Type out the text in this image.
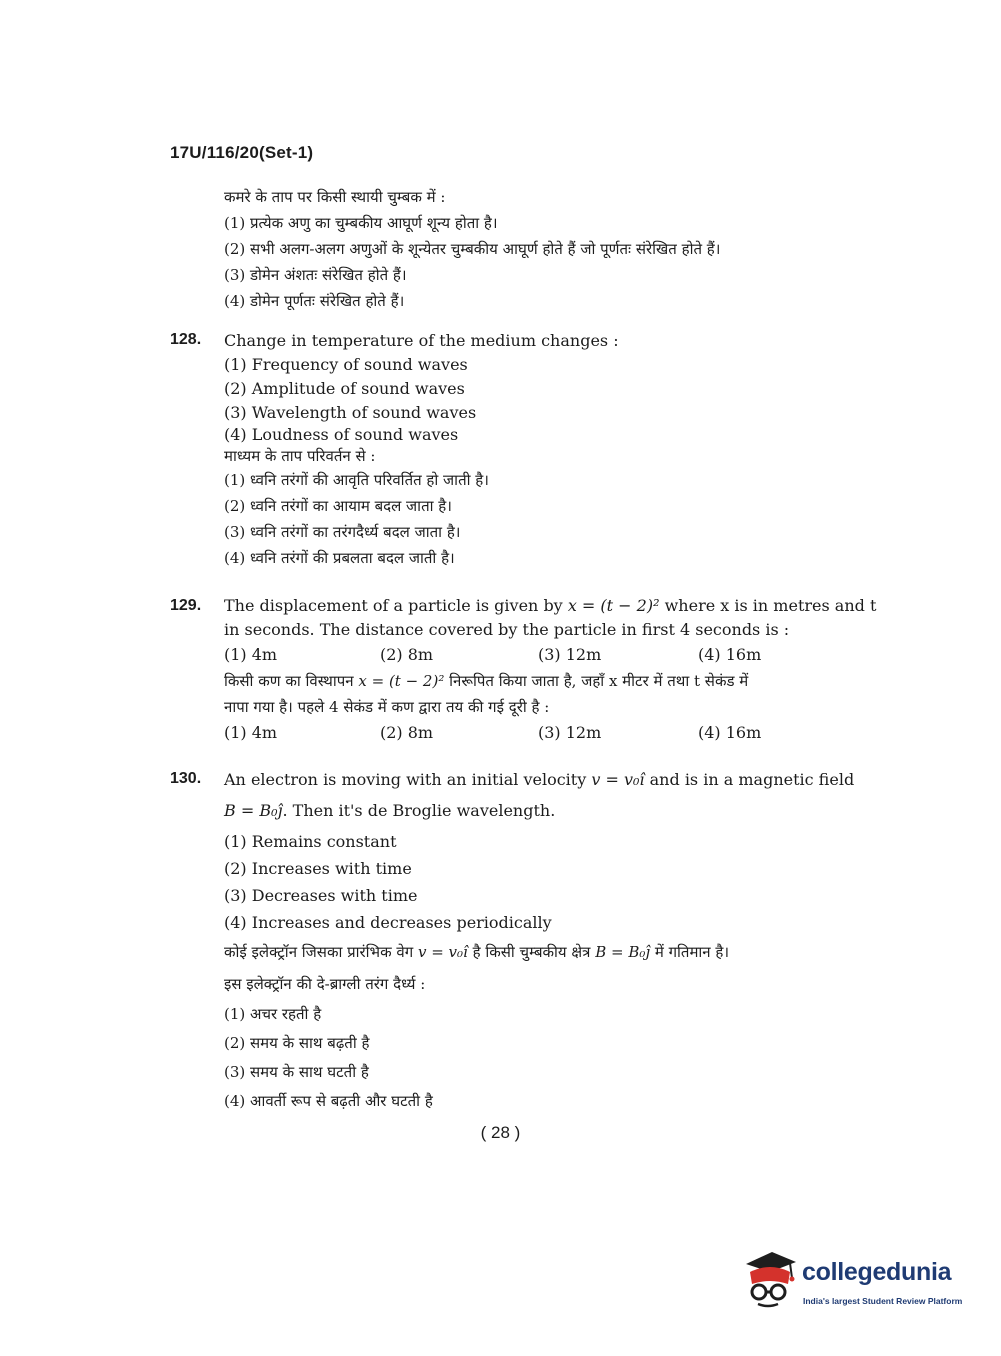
17U/116/20(Set-1)
कमरे के ताप पर किसी स्थायी चुम्बक में :
(1) प्रत्येक अणु का चुम्बकीय आघूर्ण शून्य होता है।
(2) सभी अलग-अलग अणुओं के शून्येतर चुम्बकीय आघूर्ण होते हैं जो पूर्णतः संरेखित होते हैं।
(3) डोमेन अंशतः संरेखित होते हैं।
(4) डोमेन पूर्णतः संरेखित होते हैं।
128. Change in temperature of the medium changes :
(1) Frequency of sound waves
(2) Amplitude of sound waves
(3) Wavelength of sound waves
(4) Loudness of sound waves
माध्यम के ताप परिवर्तन से :
(1) ध्वनि तरंगों की आवृति परिवर्तित हो जाती है।
(2) ध्वनि तरंगों का आयाम बदल जाता है।
(3) ध्वनि तरंगों का तरंगदैर्ध्य बदल जाता है।
(4) ध्वनि तरंगों की प्रबलता बदल जाती है।
129. The displacement of a particle is given by x = (t − 2)² where x is in metres and t
in seconds. The distance covered by the particle in first 4 seconds is :
(1) 4m	(2) 8m	(3) 12m	(4) 16m
किसी कण का विस्थापन x = (t − 2)² निरूपित किया जाता है, जहाँ x मीटर में तथा t सेकंड में
नापा गया है। पहले 4 सेकंड में कण द्वारा तय की गई दूरी है :
(1) 4m	(2) 8m	(3) 12m	(4) 16m
130. An electron is moving with an initial velocity v = v₀î and is in a magnetic field
B = B₀ĵ. Then it's de Broglie wavelength.
(1) Remains constant
(2) Increases with time
(3) Decreases with time
(4) Increases and decreases periodically
कोई इलेक्ट्रॉन जिसका प्रारंभिक वेग v = v₀î है किसी चुम्बकीय क्षेत्र B = B₀ĵ में गतिमान है।
इस इलेक्ट्रॉन की दे-ब्राग्ली तरंग दैर्ध्य :
(1) अचर रहती है
(2) समय के साथ बढ़ती है
(3) समय के साथ घटती है
(4) आवर्ती रूप से बढ़ती और घटती है
( 28 )
collegedunia
India's largest Student Review Platform
